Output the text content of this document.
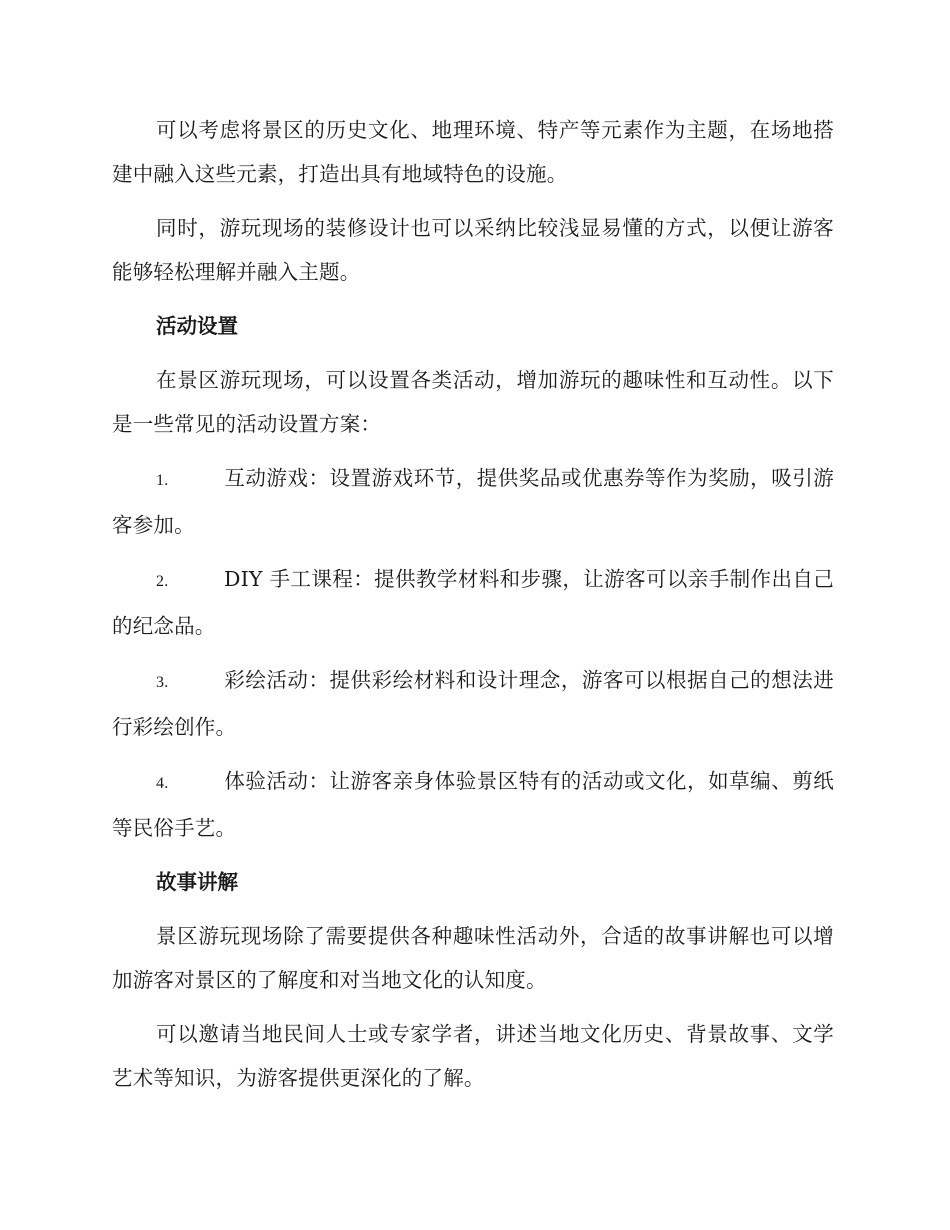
可以考虑将景区的历史文化、地理环境、特产等元素作为主题，在场地搭建中融入这些元素，打造出具有地域特色的设施。

同时，游玩现场的装修设计也可以采纳比较浅显易懂的方式，以便让游客能够轻松理解并融入主题。

活动设置

在景区游玩现场，可以设置各类活动，增加游玩的趣味性和互动性。以下是一些常见的活动设置方案：

1.	互动游戏：设置游戏环节，提供奖品或优惠券等作为奖励，吸引游客参加。
2.	DIY 手工课程：提供教学材料和步骤，让游客可以亲手制作出自己的纪念品。
3.	彩绘活动：提供彩绘材料和设计理念，游客可以根据自己的想法进行彩绘创作。
4.	体验活动：让游客亲身体验景区特有的活动或文化，如草编、剪纸等民俗手艺。
故事讲解

景区游玩现场除了需要提供各种趣味性活动外，合适的故事讲解也可以增加游客对景区的了解度和对当地文化的认知度。

可以邀请当地民间人士或专家学者，讲述当地文化历史、背景故事、文学艺术等知识，为游客提供更深化的了解。
